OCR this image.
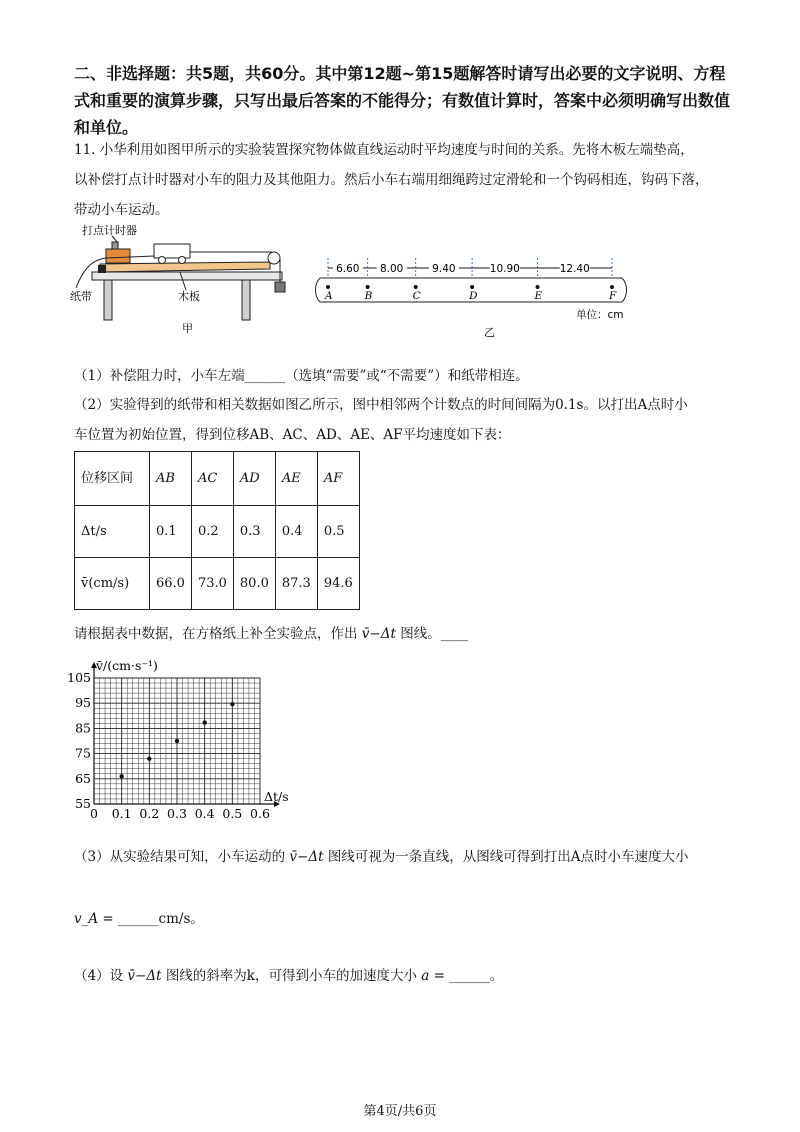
二、非选择题：共5题，共60分。其中第12题~第15题解答时请写出必要的文字说明、方程式和重要的演算步骤，只写出最后答案的不能得分；有数值计算时，答案中必须明确写出数值和单位。
11. 小华利用如图甲所示的实验装置探究物体做直线运动时平均速度与时间的关系。先将木板左端垫高，
以补偿打点计时器对小车的阻力及其他阻力。然后小车右端用细绳跨过定滑轮和一个钩码相连，钩码下落，
带动小车运动。
打点计时器
纸带	木板
甲
A	B	C	D	E	F
6.60 8.00	9.40	10.90	12.40
单位：cm
乙
（1）补偿阻力时，小车左端______（选填“需要”或“不需要”）和纸带相连。
（2）实验得到的纸带和相关数据如图乙所示，图中相邻两个计数点的时间间隔为0.1s。以打出A点时小
车位置为初始位置，得到位移AB、AC、AD、AE、AF平均速度如下表：
位移区间	AB	AC	AD	AE	AF
Δt/s	0.1	0.2	0.3	0.4	0.5
v̄(cm/s)	66.0	73.0	80.0	87.3	94.6
请根据表中数据，在方格纸上补全实验点，作出 v̄−Δt 图线。____
0 0.1 0.2 0.3 0.4 0.5 0.6
55
65
75
85
95
105
v̄/(cm·s⁻¹)
Δt/s
（3）从实验结果可知，小车运动的 v̄−Δt 图线可视为一条直线，从图线可得到打出A点时小车速度大小
v_A = ______cm/s。
（4）设 v̄−Δt 图线的斜率为k，可得到小车的加速度大小 a = ______。
第4页/共6页
